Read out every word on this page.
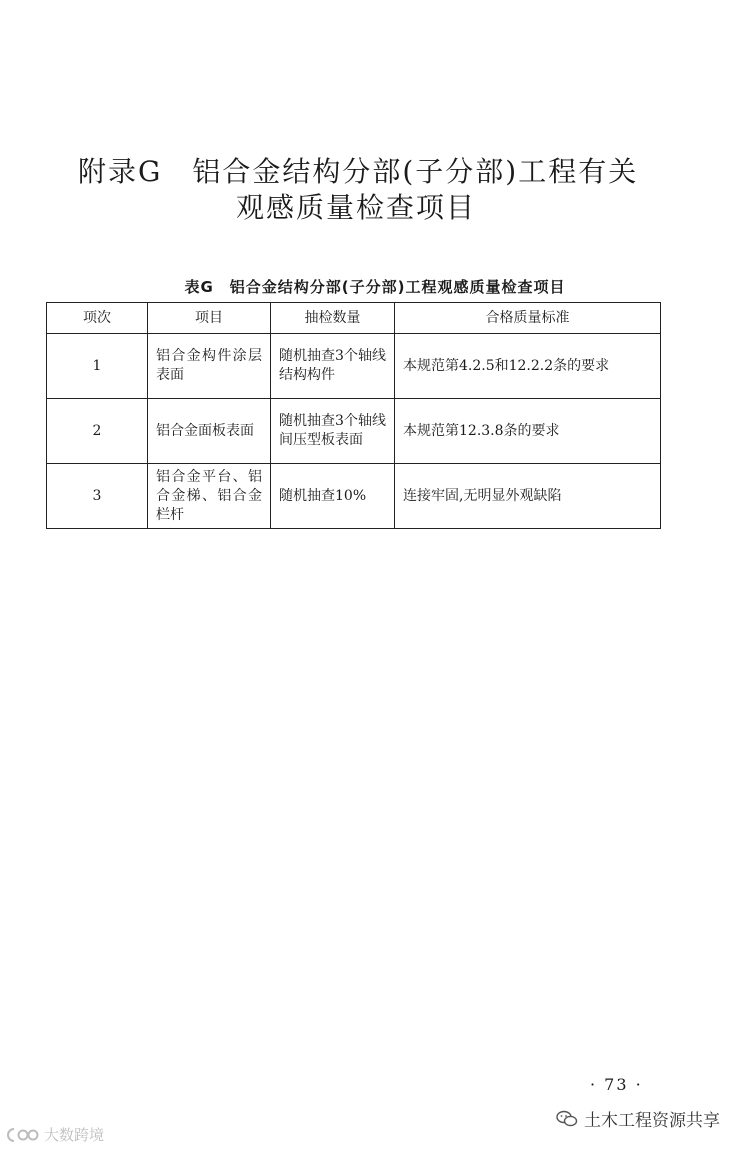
附录G　铝合金结构分部(子分部)工程有关
观感质量检查项目
表G　铝合金结构分部(子分部)工程观感质量检查项目
项次	项目	抽检数量	合格质量标准
1	铝合金构件涂层表面	随机抽查3个轴线结构构件	本规范第4.2.5和12.2.2条的要求
2	铝合金面板表面	随机抽查3个轴线间压型板表面	本规范第12.3.8条的要求
3	铝合金平台、铝合金梯、铝合金栏杆	随机抽查10%	连接牢固,无明显外观缺陷
· 73 ·
大数跨境
土木工程资源共享
